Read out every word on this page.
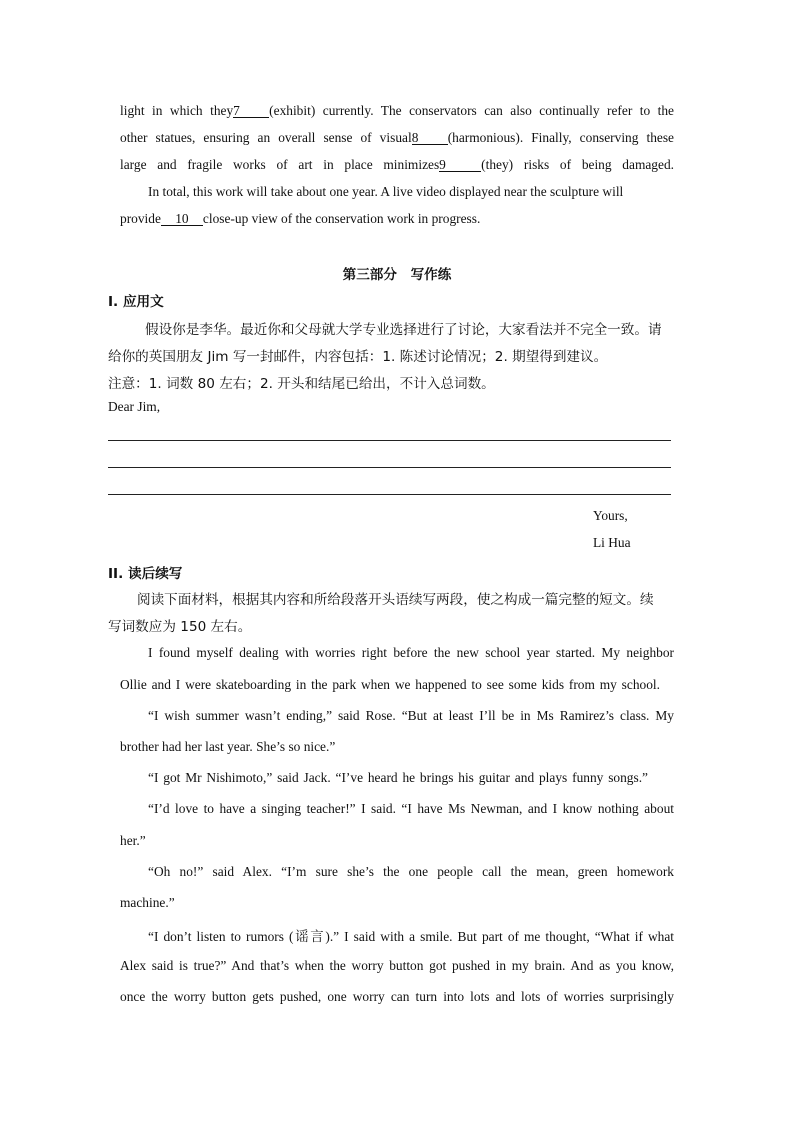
light in which they7 (exhibit) currently. The conservators can also continually refer to the
other statues, ensuring an overall sense of visual8 (harmonious). Finally, conserving these
large and fragile works of art in place minimizes9	(they) risks of being damaged.
In total, this work will take about one year. A live video displayed near the sculpture will
provide 10 close-up view of the conservation work in progress.
第三部分　写作练
I. 应用文
假设你是李华。最近你和父母就大学专业选择进行了讨论，大家看法并不完全一致。请
给你的英国朋友 Jim 写一封邮件，内容包括：1. 陈述讨论情况；2. 期望得到建议。
注意：1. 词数 80 左右；2. 开头和结尾已给出，不计入总词数。
Dear Jim,
Yours,
Li Hua
II. 读后续写
阅读下面材料，根据其内容和所给段落开头语续写两段，使之构成一篇完整的短文。续
写词数应为 150 左右。
I found myself dealing with worries right before the new school year started. My neighbor
Ollie and I were skateboarding in the park when we happened to see some kids from my school.
“I wish summer wasn’t ending,” said Rose. “But at least I’ll be in Ms Ramirez’s class. My
brother had her last year. She’s so nice.”
“I got Mr Nishimoto,” said Jack. “I’ve heard he brings his guitar and plays funny songs.”
“I’d love to have a singing teacher!” I said. “I have Ms Newman, and I know nothing about
her.”
“Oh no!” said Alex. “I’m sure she’s the one people call the mean, green homework
machine.”
“I don’t listen to rumors (谣言).” I said with a smile. But part of me thought, “What if what
Alex said is true?” And that’s when the worry button got pushed in my brain. And as you know,
once the worry button gets pushed, one worry can turn into lots and lots of worries surprisingly
